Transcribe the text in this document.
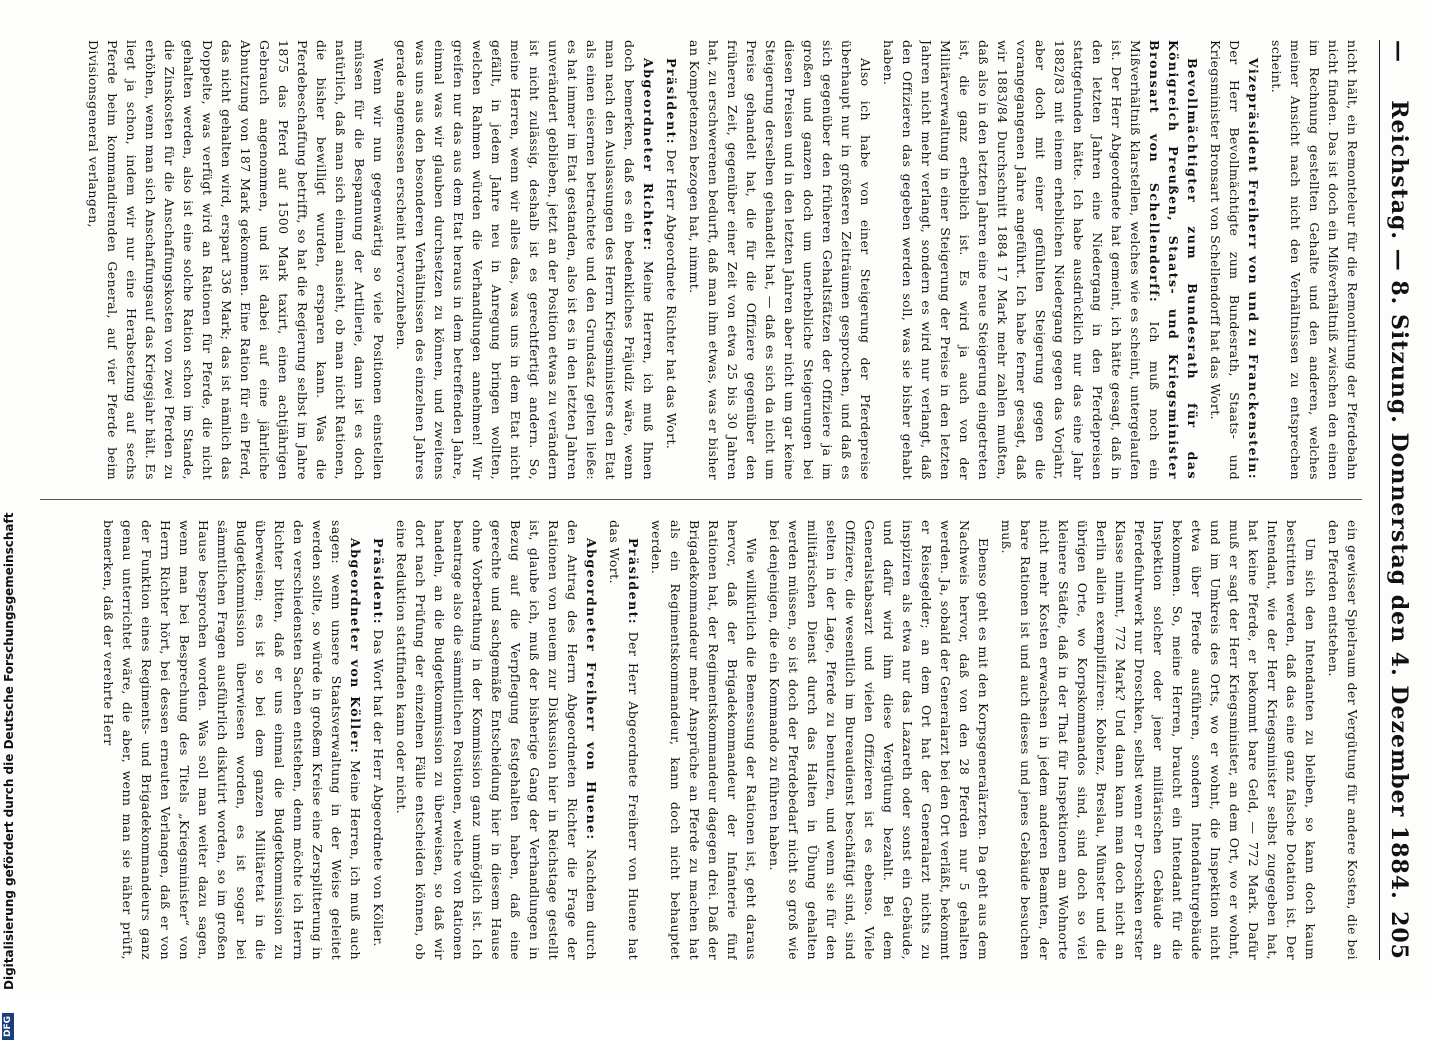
—
Reichstag. — 8. Sitzung. Donnerstag den 4. Dezember 1884.
205

nicht hält, ein Remonteleur für die Remontirung der Pferdebahn nicht finden. Das ist doch ein Mißverhältniß zwischen den einen im Rechnung gestellten Gehalte und den anderen, welches meiner Ansicht nach nicht den Verhältnissen zu entsprechen scheint.

Vizepräsident Freiherr von und zu Franckenstein: Der Herr Bevollmächtigte zum Bundesrath, Staats- und Kriegsminister Bronsart von Schellendorff hat das Wort.

Bevollmächtigter zum Bundesrath für das Königreich Preußen, Staats- und Kriegsminister Bronsart von Schellendorff: Ich muß noch ein Mißverhältniß klarstellen, welches wie es scheint, untergelaufen ist. Der Herr Abgeordnete hat gemeint, ich hätte gesagt, daß in den letzten Jahren eine Niedergang in den Pferdepreisen stattgefunden hätte. Ich habe ausdrücklich nur das eine Jahr 1882/83 mit einem erheblichen Niedergang gegen das Vorjahr, aber doch mit einer gefühlten Steigerung gegen die vorangegangenen Jahre angeführt. Ich habe ferner gesagt, daß wir 1883/84 Durchschnitt 1884 17 Mark mehr zahlen mußten, daß also in den letzten Jahren eine neue Steigerung eingetreten ist, die ganz erheblich ist. Es wird ja auch von der Militärverwaltung in einer Steigerung der Preise in den letzten Jahren nicht mehr verlangt, sondern es wird nur verlangt, daß den Offizieren das gegeben werden soll, was sie bisher gehabt haben.

Also ich habe von einer Steigerung der Pferdepreise überhaupt nur in größeren Zeiträumen gesprochen, und daß es sich gegenüber den früheren Gehaltsfätzen der Offiziere ja im großen und ganzen doch um unerhebliche Steigerungen bei diesen Preisen und in den letzten Jahren aber nicht um gar keine Steigerung derselben gehandelt hat, — daß es sich da nicht um Preise gehandelt hat, die für die Offiziere gegenüber den früheren Zeit, gegenüber einer Zeit von etwa 25 bis 30 Jahren hat, zu erschwerenen bedurft, daß man ihm etwas, was er bisher an Kompetenzen bezogen hat, nimmt.

Präsident: Der Herr Abgeordnete Richter hat das Wort.

Abgeordneter Richter: Meine Herren, ich muß Ihnen doch bemerken, daß es ein bedenkliches Präjudiz wäre, wenn man nach den Auslassungen des Herrn Kriegsministers den Etat als einen eisernen betrachtete und den Grundsatz gelten ließe: es hat immer im Etat gestanden, also ist es in den letzten Jahren unverändert geblieben, jetzt an der Position etwas zu verändern ist nicht zulässig, deshalb ist es gerechtfertigt andern. So, meine Herren, wenn wir alles das, was uns in dem Etat nicht gefällt, in jedem Jahre neu in Anregung bringen wollten, welchen Rahmen würden die Verhandlungen annehmen! Wir greifen nur das aus dem Etat heraus in dem betreffenden Jahre, einmal was wir glauben durchsetzen zu können, und zweitens was uns aus den besonderen Verhältnissen des einzelnen Jahres gerade angemessen erscheint hervorzuheben.

Wenn wir nun gegenwärtig so viele Positionen einstellen müssen für die Bespannung der Artillerie, dann ist es doch natürlich, daß man sich einmal ansieht, ob man nicht Rationen, die bisher bewilligt wurden, ersparen kann. Was die Pferdebeschaffung betrifft, so hat die Regierung selbst im Jahre 1875 das Pferd auf 1500 Mark taxirt, einen achtjährigen Gebrauch angenommen, und ist dabei auf eine jährliche Abnutzung von 187 Mark gekommen. Eine Ration für ein Pferd, das nicht gehalten wird, erspart 336 Mark; das ist nämlich das Doppelte, was verfügt wird an Rationen für Pferde, die nicht gehalten werden, also ist eine solche Ration schon im Stande, die Zinskosten für die Anschaffungskosten von zwei Pferden zu erhöhen, wenn man sich Anschaffungsauf das Kriegsjahr hält. Es liegt ja schon, indem wir nur eine Herabsetzung auf sechs Pferde beim kommandirenden General, auf vier Pferde beim Divisionsgeneral verlangen,

ein gewisser Spielraum der Vergütung für andere Kosten, die bei den Pferden entstehen.

Um sich den Intendanten zu bleiben, so kann doch kaum bestritten werden, daß das eine ganz falsche Dotation ist. Der Intendant, wie der Herr Kriegsminister selbst zugegeben hat, hat keine Pferde, er bekommt bare Geld, — 772 Mark. Dafür muß er sagt der Herr Kriegsminister, an dem Ort, wo er wohnt, und im Umkreis des Orts, wo er wohnt, die Inspektion nicht etwa über Pferde ausführen, sondern Intendanturgebäude bekommen. So, meine Herren, braucht ein Intendant für die Inspektion solcher oder jener militärischen Gebäude an Pferdefuhrwerk nur Droschken, selbst wenn er Droschken erster Klasse nimmt, 772 Mark? Und dann kann man doch nicht an Berlin allein exemplifiziren: Koblenz, Breslau, Münster und die übrigen Orte, wo Korpskommandos sind, sind doch so viel kleinere Städte, daß in der That für Inspektionen am Wohnorte nicht mehr Kosten erwachsen in jedem anderen Beamten, der bare Rationen ist und auch dieses und jenes Gebäude besuchen muß.

Ebenso geht es mit den Korpsgeneralärzten. Da geht aus dem Nachweis hervor, daß von den 28 Pferden nur 5 gehalten werden. Ja, sobald der Generalarzt bei den Ort verläßt, bekommt er Reisegelder; an dem Ort hat der Generalarzt nichts zu inspiziren als etwa nur das Lazareth oder sonst ein Gebäude, und dafür wird ihm diese Vergütung bezahlt. Bei dem Generalstabsarzt und vielen Offizieren ist es ebenso. Viele Offiziere, die wesentlich im Bureaudienst beschäftigt sind, sind selten in der Lage, Pferde zu benutzen, und wenn sie für den militärischen Dienst durch das Halten in Übung gehalten werden müssen, so ist doch der Pferdebedarf nicht so groß wie bei denjenigen, die ein Kommando zu führen haben.

Wie willkürlich die Bemessung der Rationen ist, geht daraus hervor, daß der Brigadekommandeur der Infanterie fünf Rationen hat, der Regimentskommandeur dagegen drei. Daß der Brigadekommandeur mehr Ansprüche an Pferde zu machen hat als ein Regimentskommandeur, kann doch nicht behauptet werden.

Präsident: Der Herr Abgeordnete Freiherr von Huene hat das Wort.

Abgeordneter Freiherr von Huene: Nachdem durch den Antrag des Herrn Abgeordneten Richter die Frage der Rationen von neuem zur Diskussion hier in Reichstage gestellt ist, glaube ich, muß der bisherige Gang der Verhandlungen in Bezug auf die Verpflegung festgehalten haben, daß eine gerechte und sachgemäße Entscheidung hier in diesem Hause ohne Vorberathung in der Kommission ganz unmöglich ist. Ich beantrage also die sämmtlichen Positionen, welche von Rationen handeln, an die Budgetkommission zu überweisen, so daß wir dort nach Prüfung der einzelnen Fälle entscheiden können, ob eine Reduktion stattfinden kann oder nicht.

Präsident: Das Wort hat der Herr Abgeordnete von Köller.

Abgeordneter von Köller: Meine Herren, ich muß auch sagen: wenn unsere Staatsverwaltung in der Weise geleitet werden sollte, so würde in großem Kreise eine Zersplitterung in den verschiedensten Sachen entstehen, denn möchte ich Herrn Richter bitten, daß er uns einmal die Budgetkommission zu überweisen; es ist so bei dem ganzen Militäretat in die Budgetkommission überwiesen worden, es ist sogar bei sämmtlichen Fragen ausführlich diskutirt worden, so im großen Hause besprochen worden. Was soll man weiter dazu sagen, wenn man bei Besprechung des Titels „Kriegsminister“ von Herrn Richter hört, bei dessen erneuten Verlangen, daß er von der Funktion eines Regiments- und Brigadekommandeurs ganz genau unterrichtet wäre, die aber, wenn man sie näher prüft, bemerken, daß der verehrte Herr

DFG
Digitalisierung gefördert durch die Deutsche Forschungsgemeinschaft
